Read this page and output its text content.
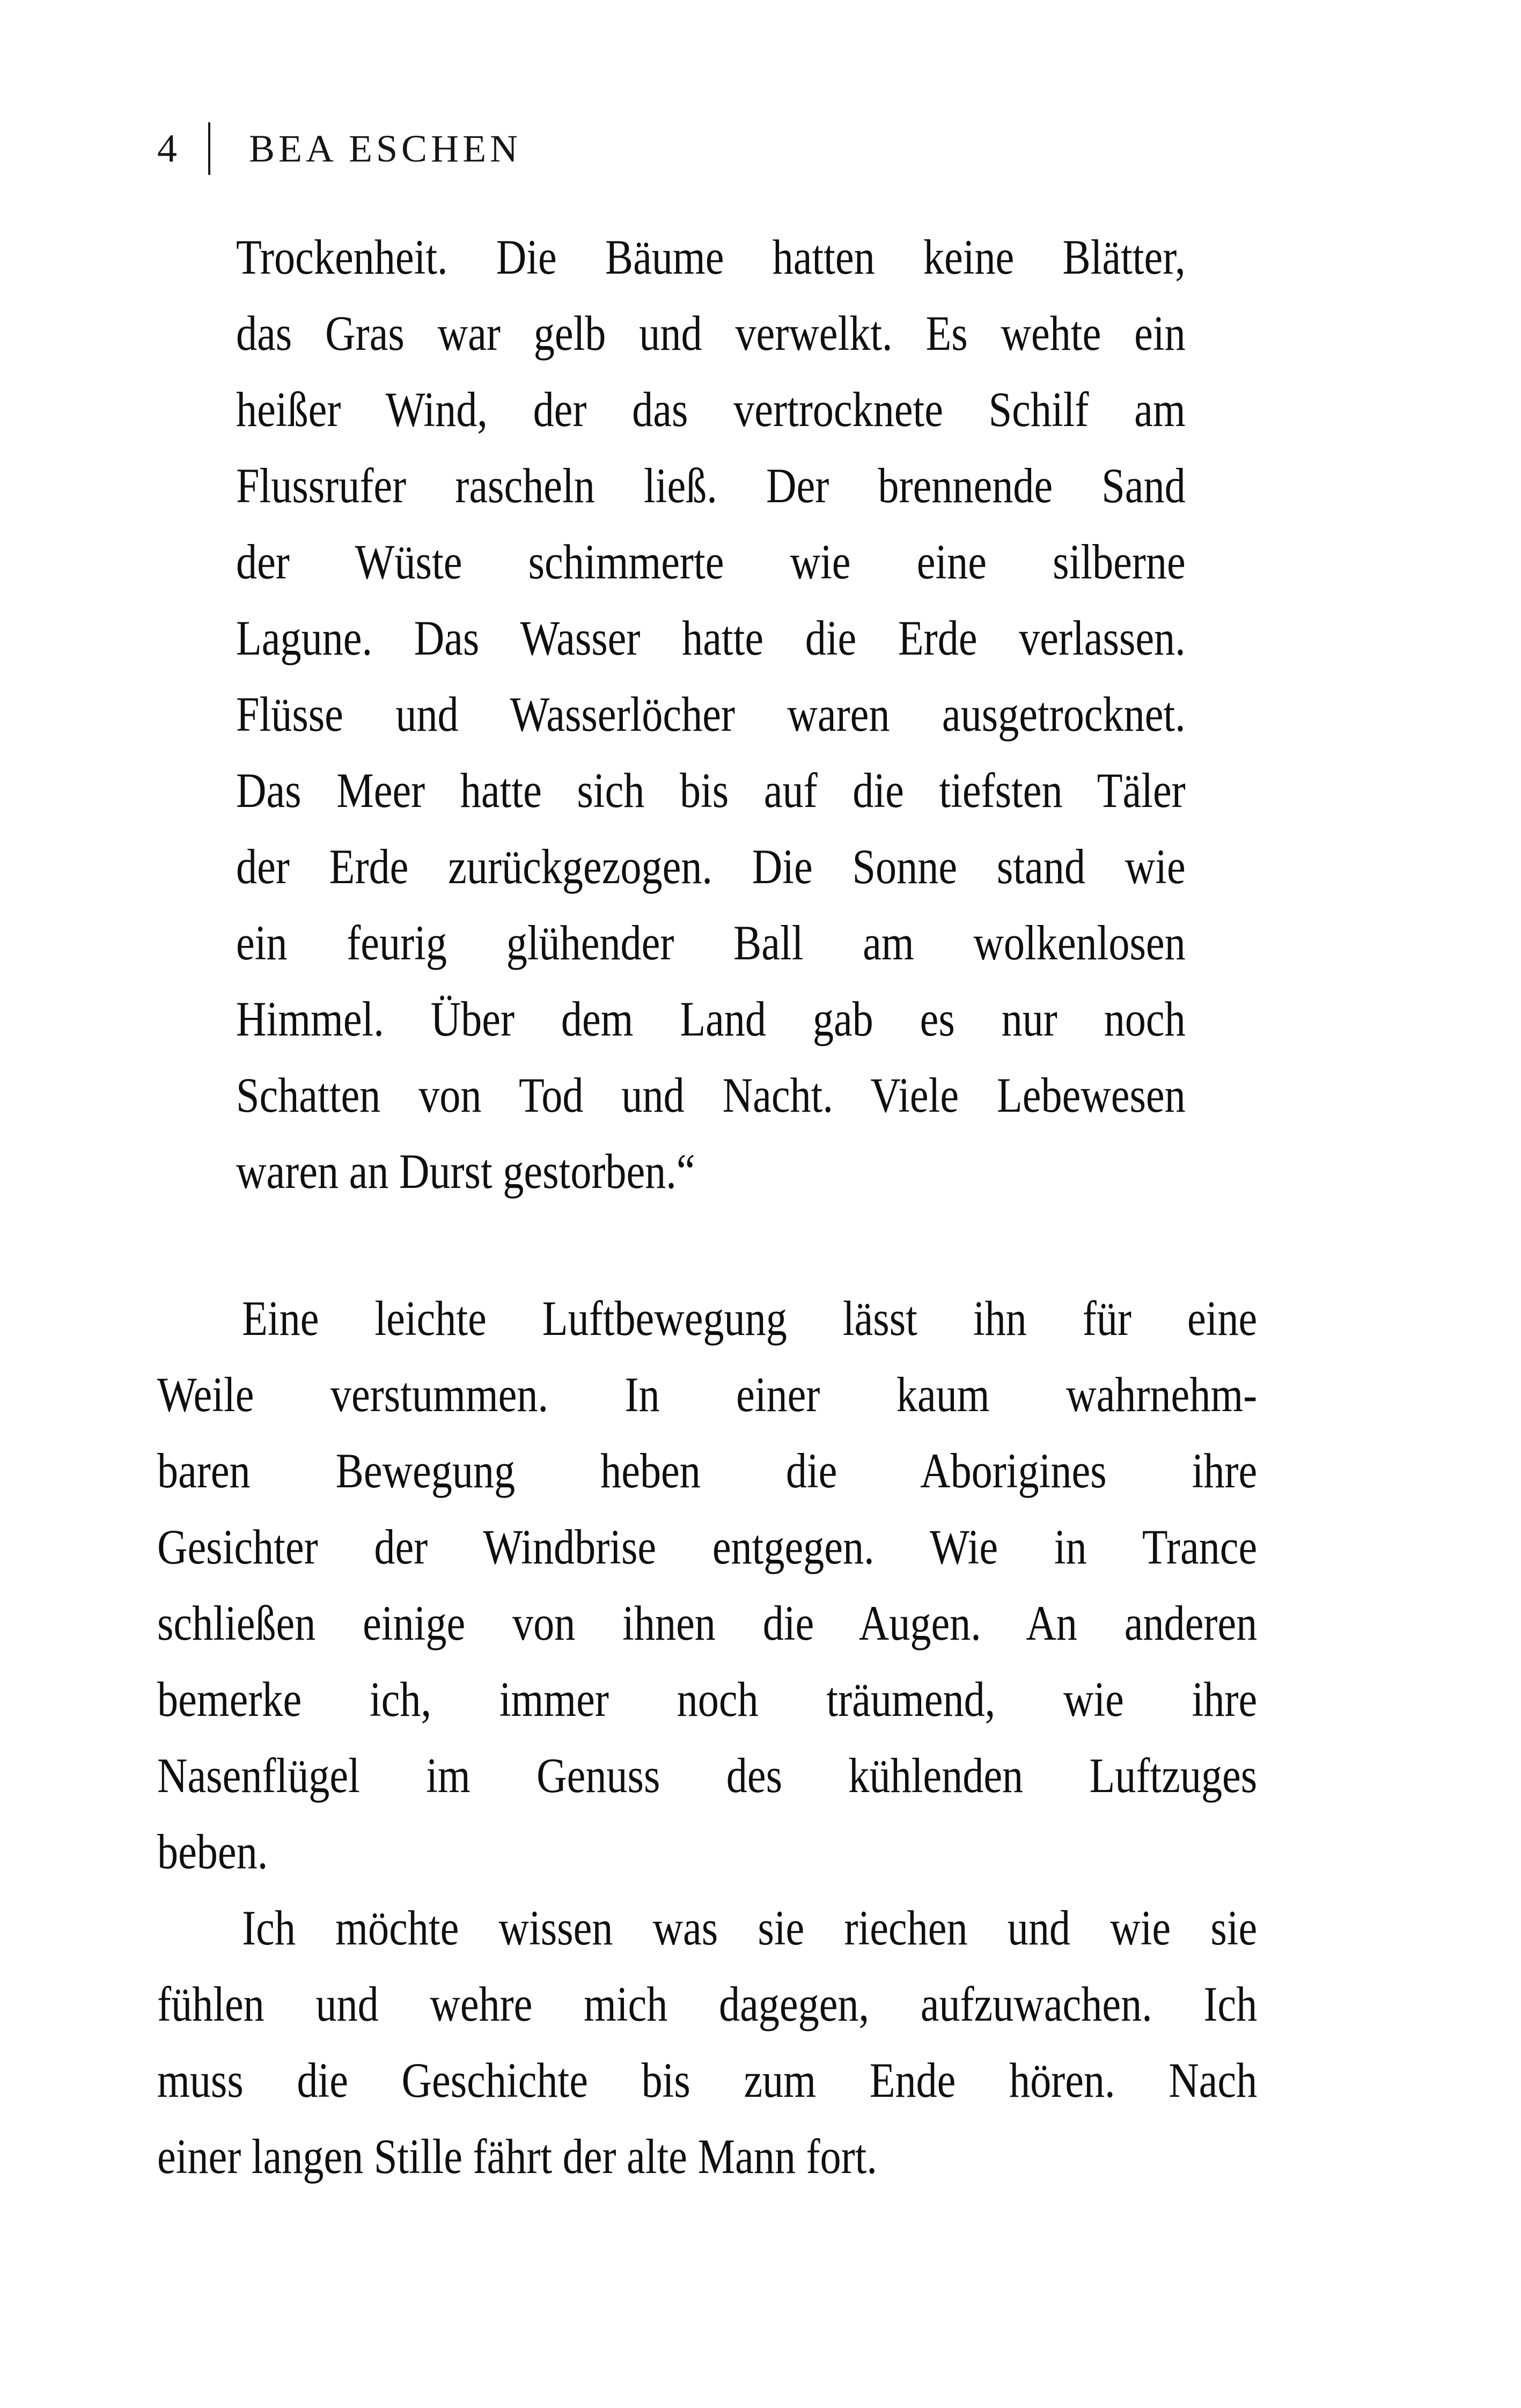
4 BEA ESCHEN
Trockenheit. Die Bäume hatten keine Blätter,
das Gras war gelb und verwelkt. Es wehte ein
heißer Wind, der das vertrocknete Schilf am
Flussrufer rascheln ließ. Der brennende Sand
der Wüste schimmerte wie eine silberne
Lagune. Das Wasser hatte die Erde verlassen.
Flüsse und Wasserlöcher waren ausgetrocknet.
Das Meer hatte sich bis auf die tiefsten Täler
der Erde zurückgezogen. Die Sonne stand wie
ein feurig glühender Ball am wolkenlosen
Himmel. Über dem Land gab es nur noch
Schatten von Tod und Nacht. Viele Lebewesen
waren an Durst gestorben.“
Eine leichte Luftbewegung lässt ihn für eine
Weile verstummen. In einer kaum wahrnehm-
baren Bewegung heben die Aborigines ihre
Gesichter der Windbrise entgegen. Wie in Trance
schließen einige von ihnen die Augen. An anderen
bemerke ich, immer noch träumend, wie ihre
Nasenflügel im Genuss des kühlenden Luftzuges
beben.
Ich möchte wissen was sie riechen und wie sie
fühlen und wehre mich dagegen, aufzuwachen. Ich
muss die Geschichte bis zum Ende hören. Nach
einer langen Stille fährt der alte Mann fort.
